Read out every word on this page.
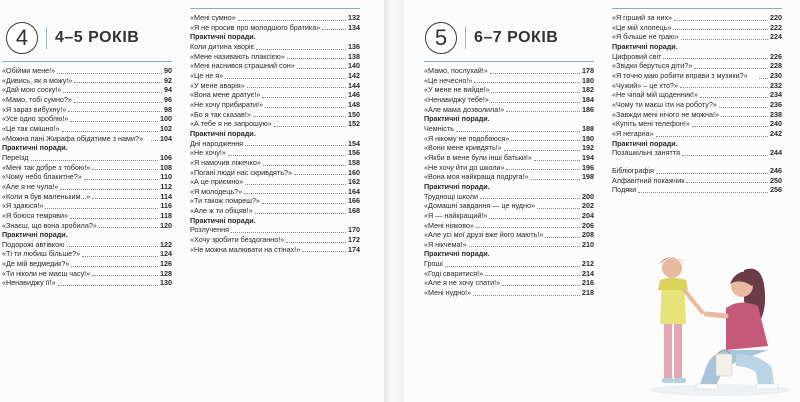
4	4–5 РОКІВ
«Обійми мене!»	90
«Дивись, як я можу!»	92
«Дай мою соску!»	94
«Мамо, тобі сумно?»	96
«Я зараз вибухну!»	98
«Усе одно зроблю!»	100
«Це так смішно!»	102
«Можна пані Жирафа обідатиме з нами?»	104
Практичні поради.
Переїзд	106
«Мені так добре з тобою!»	108
«Чому небо блакитне?»	110
«Але я не чула!»	112
«Коли я був маленьким...»	114
«Я здаюся!»	116
«Я боюся темряви»	118
«Знаєш, що вона зробила?»	120
Практичні поради.
Подорожі автівкою	122
«Ті ти любиш більше?»	124
«Де мій ведмедик?»	126
«Ти ніколи не маєш часу!»	128
«Ненавиджу її!»	130
«Мені сумно»	132
«Я не просив про молодшого братика»	134
Практичні поради.
Коли дитина хворіє	136
«Мене називають плаксією»	138
«Мені наснився страшний сон»	140
«Це не я»	142
«У мене аварія»	144
«Вона мене дратує!»	146
«Не хочу прибирати!»	148
«Бо я так сказав!»	150
«А тебе я не запрошую»	152
Практичні поради.
Дні народження	154
«Не хочу!»	156
«Я намочив ліжечко»	158
«Погані люди нас скривдять?»	160
«А це приємно»	162
«Я молодець?»	164
«Ти також помреш?»	166
«Але ж ти обіцяв!»	168
Практичні поради.
Розлучення	170
«Хочу зробити бездоганно!»	172
«Не можна малювати на стінах!»	174
5	6–7 РОКІВ
«Мамо, послухай!»	178
«Це нечесно!»	180
«У мене не вийде!»	182
«Ненавиджу тебе!»	184
«Але мама дозволила!»	186
Практичні поради.
Чемність	188
«Я нікому не подобаюся»	190
«Вони мене кривдять!»	192
«Якби в мене були інші батьки!»	194
«Не хочу йти до школи»	196
«Вона моя найкраща подруга!»	198
Практичні поради.
Труднощі школи	200
«Домашні завдання — це нудно»	202
«Я — найкращий!»	204
«Мені ніяково»	206
«Але усі мої друзі вже його мають!»	208
«Я нікчема!»	210
Практичні поради.
Гроші	212
«Годі сваритися!»	214
«Але я не хочу спати!»	216
«Мені нудно!»	218
«Я гірший за них»	220
«Це мій хлопець»	222
«Я більше не граю»	224
Практичні поради.
Цифровий світ	226
«Звідки беруться діти?»	228
«Я точно маю робити вправи з музики?»	230
«Чужий» – це хто?»	232
«Не чіпай мій щоденник!»	234
«Чому ти маєш іти на роботу?»	236
«Завжди мені нічого не можна!»	238
«Купіть мені телефон!»	240
«Я негарна»	242
Практичні поради.
Позашкільні заняття	244
Бібліографія	246
Алфавітний покажчик	250
Подяки	256
